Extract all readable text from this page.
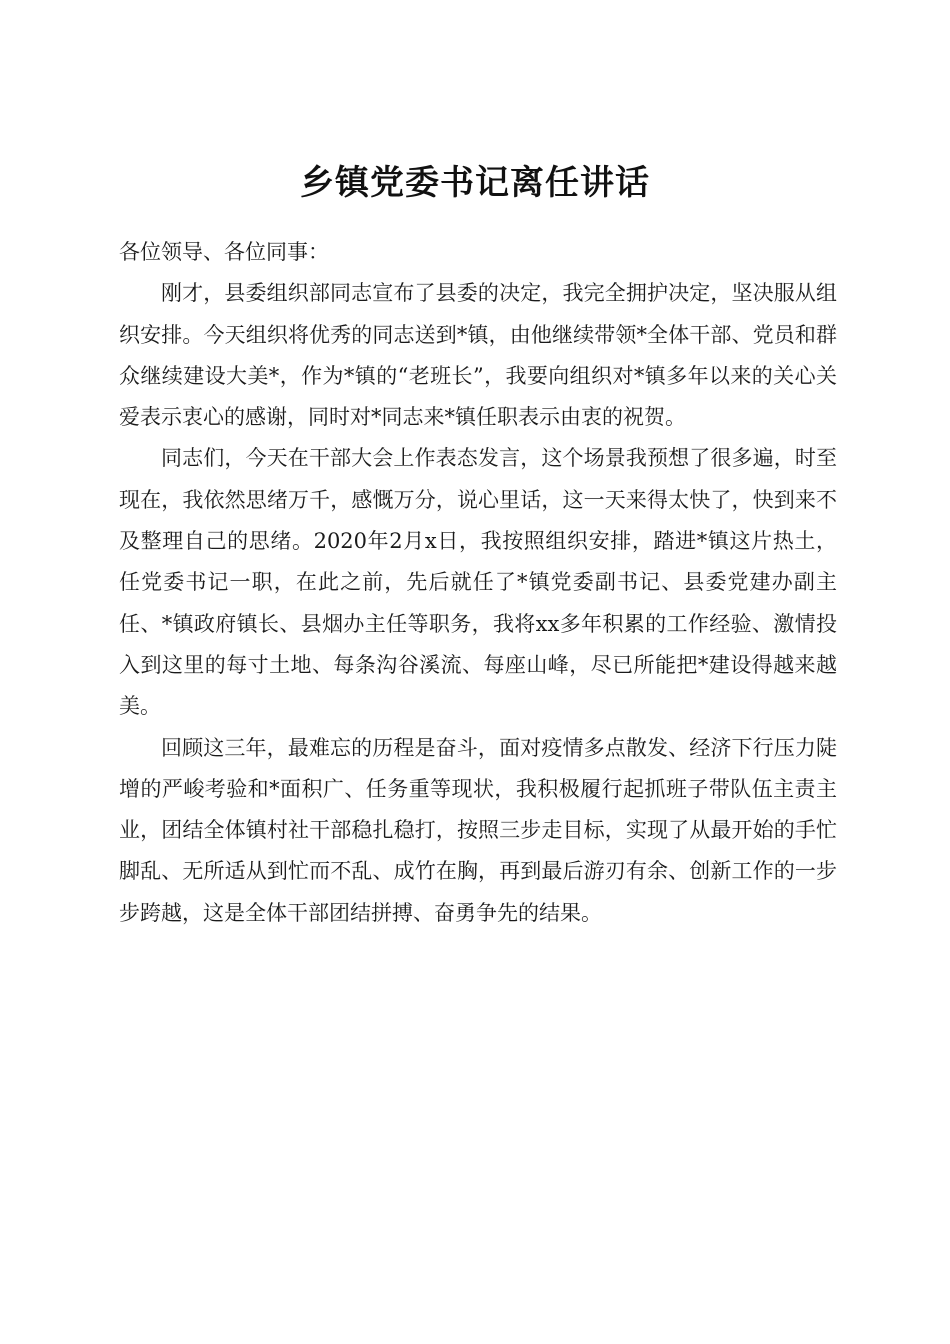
乡镇党委书记离任讲话

各位领导、各位同事：

刚才，县委组织部同志宣布了县委的决定，我完全拥护决定，坚决服从组织安排。今天组织将优秀的同志送到*镇，由他继续带领*全体干部、党员和群众继续建设大美*，作为*镇的“老班长”，我要向组织对*镇多年以来的关心关爱表示衷心的感谢，同时对*同志来*镇任职表示由衷的祝贺。

同志们，今天在干部大会上作表态发言，这个场景我预想了很多遍，时至现在，我依然思绪万千，感慨万分，说心里话，这一天来得太快了，快到来不及整理自己的思绪。2020年2月x日，我按照组织安排，踏进*镇这片热土，任党委书记一职，在此之前，先后就任了*镇党委副书记、县委党建办副主任、*镇政府镇长、县烟办主任等职务，我将xx多年积累的工作经验、激情投入到这里的每寸土地、每条沟谷溪流、每座山峰，尽已所能把*建设得越来越美。

回顾这三年，最难忘的历程是奋斗，面对疫情多点散发、经济下行压力陡增的严峻考验和*面积广、任务重等现状，我积极履行起抓班子带队伍主责主业，团结全体镇村社干部稳扎稳打，按照三步走目标，实现了从最开始的手忙脚乱、无所适从到忙而不乱、成竹在胸，再到最后游刃有余、创新工作的一步步跨越，这是全体干部团结拼搏、奋勇争先的结果。
